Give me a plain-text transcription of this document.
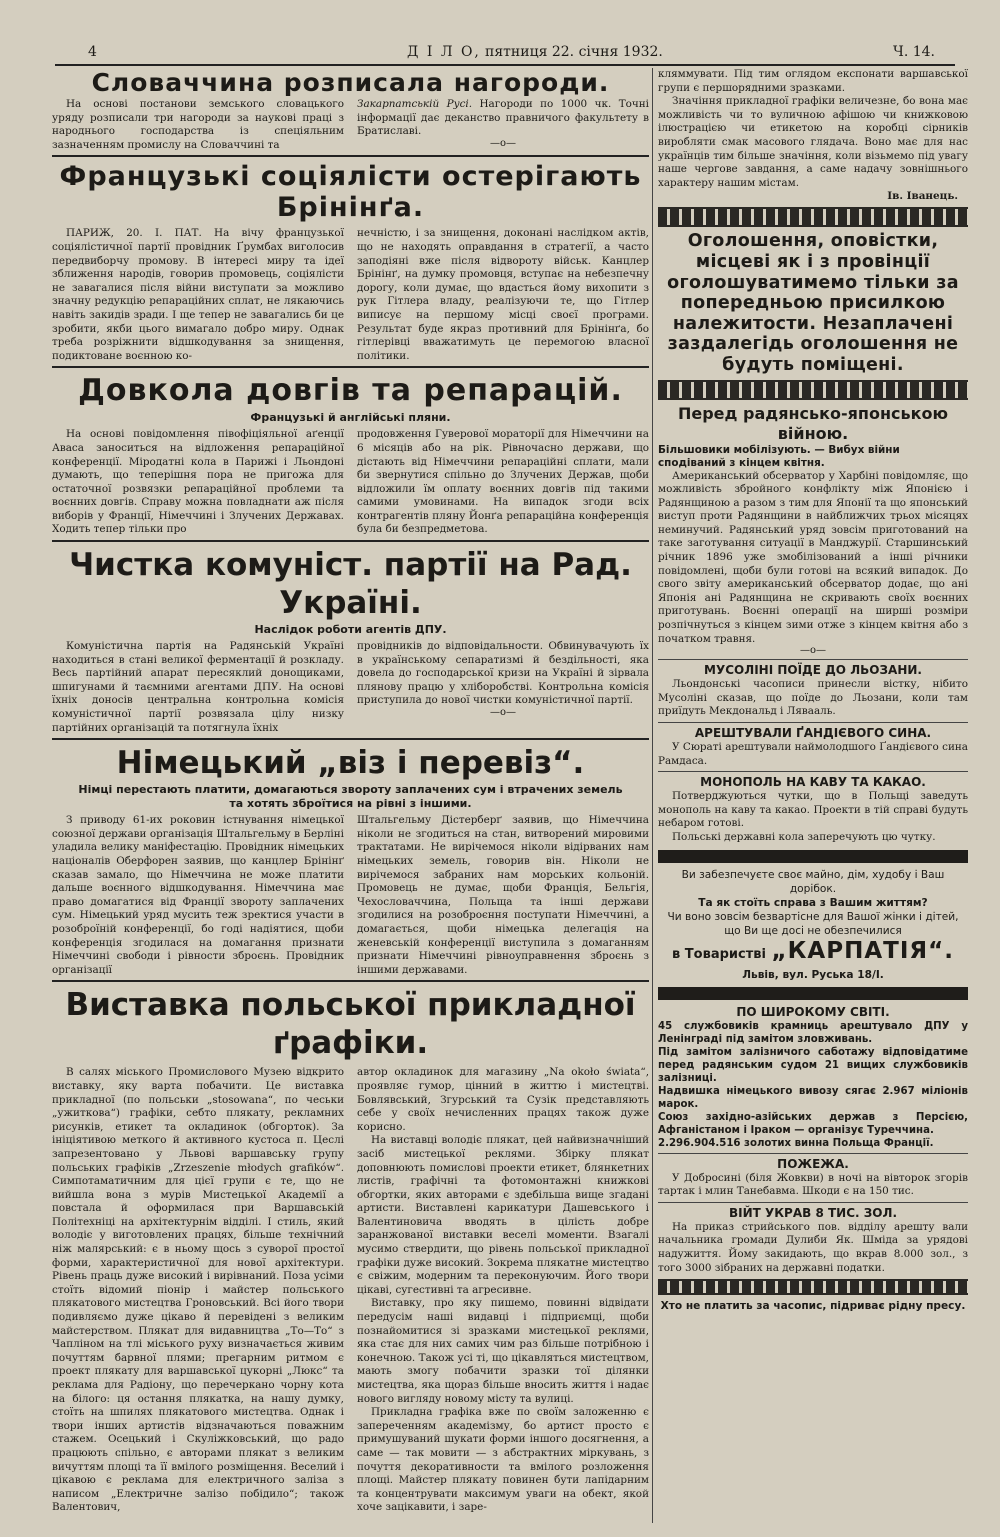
4	Д І Л О, пятниця 22. січня 1932.	Ч. 14.
Словаччина розписала нагороди.

На основі постанови земського словацького уряду розписали три нагороди за наукові праці з народнього господарства із спеціяльним зазначенням промислу на Словаччині та

Закарпатській Русі. Нагороди по 1000 чк. Точні інформації дає деканство правничого факультету в Братиславі.

—o—
Французькі соціялісти остерігають Брінінґа.

ПАРИЖ, 20. I. ПАТ. На вічу французької соціялістичної партії провідник Ґрумбах виголосив передвиборчу промову. В інтересі миру та ідеї зближення народів, говорив промовець, соціялісти не завагалися після війни виступати за можливо значну редукцію репараційних сплат, не лякаючись навіть закидів зради. І ще тепер не завагались би це зробити, якби цього вимагало добро миру. Однак треба розріжнити відшкодування за знищення, подиктоване воєнною ко-

нечністю, і за знищення, доконані наслідком актів, що не находять оправдання в стратегії, а часто заподіяні вже після відвороту військ. Канцлер Брінінґ, на думку промовця, вступає на небезпечну дорогу, коли думає, що вдасться йому вихопити з рук Гітлера владу, реалізуючи те, що Гітлер виписує на першому місці своєї програми. Результат буде якраз противний для Брінінґа, бо гітлерівці вважатимуть це перемогою власної політики.

Довкола довгів та репарацій.
Французькі й англійські пляни.

На основі повідомлення півофіціяльної аґенції Аваса заноситься на відложення репараційної конференції. Міродатні кола в Парижі і Льондоні думають, що теперішня пора не пригожа для остаточної розвязки репараційної проблеми та воєнних довгів. Справу можна повладнати аж після виборів у Франції, Німеччині і Злучених Державах. Ходить тепер тільки про

продовження Гуверової мораторії для Німеччини на 6 місяців або на рік. Рівночасно держави, що дістають від Німеччини репараційні сплати, мали би звернутися спільно до Злучених Держав, щоби відложили їм оплату воєнних довгів під такими самими умовинами. На випадок згоди всіх контрагентів пляну Йонґа репараційна конференція була би безпредметова.

Чистка комуніст. партії на Рад. Україні.
Наслідок роботи агентів ДПУ.

Комуністична партія на Радянській Україні находиться в стані великої ферментації й розкладу. Весь партійний апарат пересяклий донощиками, шпигунами й таємними агентами ДПУ. На основі їхніх доносів центральна контрольна комісія комуністичної партії розвязала цілу низку партійних організацій та потягнула їхніх

провідників до відповідальности. Обвинувачують їх в українському сепаратизмі й бездільності, яка довела до господарської кризи на Україні й зірвала плянову працю у хліборобстві. Контрольна комісія приступила до нової чистки комуністичної партії.

—o—
Німецький „віз і перевіз“.
Німці перестають платити, домагаються звороту заплачених сум і втрачених земель та хотять зброїтися на рівні з іншими.

З приводу 61-их роковин істнування німецької союзної держави організація Штальгельму в Берліні уладила велику маніфестацію. Провідник німецьких націоналів Оберфорен заявив, що канцлер Брінінґ сказав замало, що Німеччина не може платити дальше воєнного відшкодування. Німеччина має право домагатися від Франції звороту заплачених сум. Німецький уряд мусить теж зректися участи в розоброїній конференції, бо годі надіятися, щоби конференція згодилася на домагання признати Німеччині свободи і рівности зброєнь. Провідник організації

Штальгельму Дістерберґ заявив, що Німеччина ніколи не згодиться на стан, витворений мировими трактатами. Не вирічемося ніколи відірваних нам німецьких земель, говорив він. Ніколи не вирічемося забраних нам морських кольоній. Промовець не думає, щоби Франція, Бельгія, Чехословаччина, Польща та інші держави згодилися на розоброєння поступати Німеччині, а домагається, щоби німецька делегація на женевській конференції виступила з домаганням признати Німеччині рівноуправнення зброєнь з іншими державами.

Виставка польської прикладної ґрафіки.

В салях міського Промислового Музею відкрито виставку, яку варта побачити. Це виставка прикладної (по польськи „stosowana“, по чеськи „ужиткова“) графіки, себто плякату, рекламних рисунків, етикет та окладинок (обгорток). За ініціятивою меткого й активного кустоса п. Цеслі запрезентовано у Львові варшавську групу польських графіків „Zrzeszenie młodych grafików“. Симпотаматичним для цієї групи є те, що не вийшла вона з мурів Мистецької Академії а повстала й оформилася при Варшавській Політехніці на архітектурнім відділі. І стиль, який володіє у виготовлених працях, більше технічний ніж малярський: є в ньому щось з суворої простої форми, характеристичної для нової архітектури. Рівень праць дуже високий і вирівнаний. Поза усіми стоїть відомий піонір і майстер польського плякатового мистецтва Гроновський. Всі його твори подивляємо дуже цікаво й перевідені з великим майстерством. Плякат для видавництва „То—То“ з Чапліном на тлі міського руху визначається живим почуттям барвної плями; прегарним ритмом є проект плякату для варшавської цукорні „Люкс“ та реклама для Радіону, що перечеркано чорну кота на білого: ця остання плякатка, на нашу думку, стоїть на шпилях плякатового мистецтва. Однак і твори інших артистів відзначаються поважним стажем. Осецький і Скуліжковський, що радо працюють спільно, є авторами плякат з великим вичуттям площі та її вмілого розміщення. Веселий і цікавою є реклама для електричного заліза з написом „Електричне залізо побідило“; також Валентович,

автор окладинок для магазину „Na około świata“, проявляє гумор, цінний в життю і мистецтві. Бовлявський, Згурський та Сузік представляють себе у своїх нечисленних працях також дуже корисно.

На виставці володіє плякат, цей найвизначніший засіб мистецької реклями. Збірку плякат доповнюють помислові проекти етикет, блянкетних листів, графічні та фотомонтажні книжкові обгортки, яких авторами є здебільша вище згадані артисти. Виставлені карикатури Дашевського і Валентиновича вводять в цілість добре заранжованої виставки веселі моменти. Взагалі мусимо ствердити, що рівень польської прикладної графіки дуже високий. Зокрема плякатне мистецтво є свіжим, модерним та переконуючим. Його твори цікаві, сугестивні та агресивне.

Виставку, про яку пишемо, повинні відвідати передусім наші видавці і підприємці, щоби познайомитися зі зразками мистецької реклями, яка стає для них самих чим раз більше потрібною і конечною. Також усі ті, що цікавляться мистецтвом, мають змогу побачити зразки тої ділянки мистецтва, яка щораз більше вносить життя і надає нового вигляду новому місту та вулиці.

Прикладна графіка вже по своїм заложенню є запереченням академізму, бо артист просто є примушуваний шукати форми іншого досягнення, а саме — так мовити — з абстрактних міркувань, з почуття декоративности та вмілого розложення площі. Майстер плякату повинен бути лапідарним та концентрувати максимум уваги на обект, якой хоче зацікавити, і заре-

кляммувати. Під тим оглядом експонати варшавської групи є першорядними зразками.

Значіння прикладної графіки величезне, бо вона має можливість чи то вуличною афішою чи книжковою ілюстрацією чи етикетою на коробці сірників виробляти смак масового глядача. Воно має для нас українців тим більше значіння, коли візьмемо під увагу наше чергове завдання, а саме надачу зовнішнього характеру нашим містам.

Ів. Іванець.
Оголошення, оповістки, місцеві як і з провінції оголошуватимемо тільки за попередньою присилкою належитости. Незаплачені заздалегідь оголошення не будуть поміщені.
Перед радянсько-японською війною.
Більшовики мобілізують. — Вибух війни сподіваний з кінцем квітня.

Американський обсерватор у Харбіні повідомляє, що можливість збройного конфлікту між Японією і Радянщиною а разом з тим для Японії та що японський виступ проти Радянщини в найближчих трьох місяцях неминучий. Радянський уряд зовсім приготований на таке заготування ситуації в Манджурії. Старшинський річник 1896 уже змобілізований а інші річники повідомлені, щоби були готові на всякий випадок. До свого звіту американський обсерватор додає, що ані Японія ані Радянщина не скривають своїх воєнних приготувань. Воєнні операції на ширші розміри розпічнуться з кінцем зими отже з кінцем квітня або з початком травня.

—o—
МУСОЛІНІ ПОЇДЕ ДО ЛЬОЗАНИ.

Льондонські часописи принесли вістку, нібито Мусоліні сказав, що поїде до Льозани, коли там приїдуть Мекдональд і Лявааль.

АРЕШТУВАЛИ ҐАНДІЄВОГО СИНА.

У Сюраті арештували наймолодшого Ґандієвого сина Рамдаса.

МОНОПОЛЬ НА КАВУ ТА КАКАО.

Потверджуються чутки, що в Польщі заведуть монополь на каву та какао. Проекти в тій справі будуть небаром готові.

Польські державні кола заперечують цю чутку.

Ви забезпечуєте своє майно, дім, худобу і Ваш дорібок.
Та як стоїть справа з Вашим життям?
Чи воно зовсім безвартісне для Вашої жінки і дітей, що Ви ще досі не обезпечилися
в Товаристві „КАРПАТІЯ“.
Львів, вул. Руська 18/І.
ПО ШИРОКОМУ СВІТІ.
45 службовиків крамниць арештувало ДПУ у Ленінграді під замітом зловживань.
Під замітом залізничого саботажу відповідатиме перед радянським судом 21 вищих службовиків залізниці.
Надвишка німецького вивозу сягає 2.967 міліонів марок.
Союз західно-азійських держав з Персією, Афганістаном і Іраком — організує Туреччина.
2.296.904.516 золотих винна Польща Франції.
ПОЖЕЖА.

У Добросині (біля Жовкви) в ночі на вівторок згорів тартак і млин Танебавма. Шкоди є на 150 тис.

ВІЙТ УКРАВ 8 ТИС. ЗОЛ.

На приказ стрийського пов. відділу арешту вали начальника громади Дулиби Як. Шміда за урядові надужиття. Йому закидають, що вкрав 8.000 зол., з того 3000 зібраних на державні податки.

Хто не платить за часопис, підриває рідну пресу.
